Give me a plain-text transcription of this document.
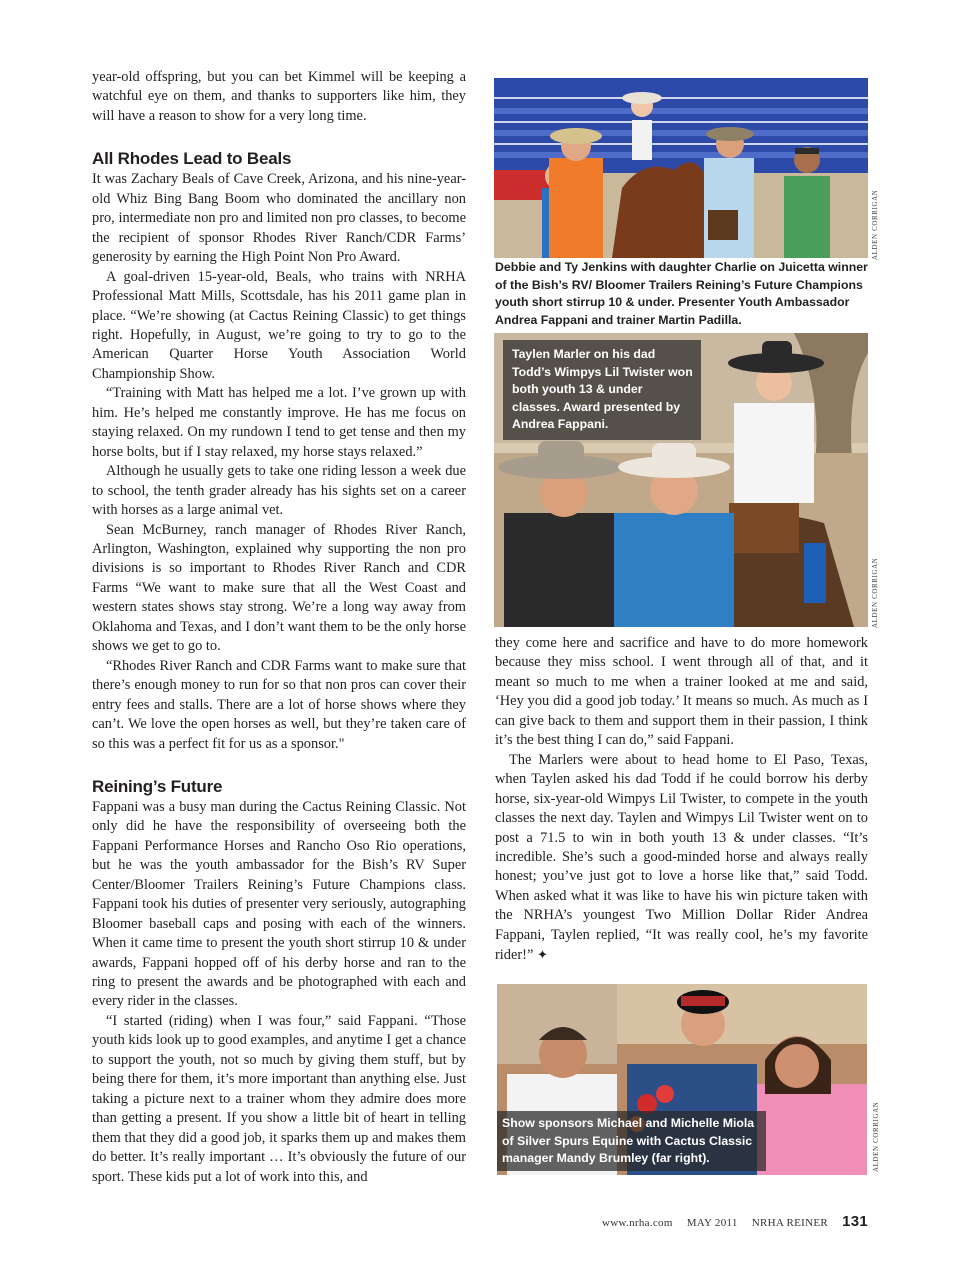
year-old offspring, but you can bet Kimmel will be keeping a watchful eye on them, and thanks to supporters like him, they will have a reason to show for a very long time.

All Rhodes Lead to Beals

It was Zachary Beals of Cave Creek, Arizona, and his nine-year-old Whiz Bing Bang Boom who dominated the ancillary non pro, intermediate non pro and limited non pro classes, to become the recipient of sponsor Rhodes River Ranch/CDR Farms’ generosity by earning the High Point Non Pro Award.

A goal-driven 15-year-old, Beals, who trains with NRHA Professional Matt Mills, Scottsdale, has his 2011 game plan in place. “We’re showing (at Cactus Reining Classic) to get things right. Hopefully, in August, we’re going to try to go to the American Quarter Horse Youth Association World Championship Show.

“Training with Matt has helped me a lot. I’ve grown up with him. He’s helped me constantly improve. He has me focus on staying relaxed. On my rundown I tend to get tense and then my horse bolts, but if I stay relaxed, my horse stays relaxed.”

Although he usually gets to take one riding lesson a week due to school, the tenth grader already has his sights set on a career with horses as a large animal vet.

Sean McBurney, ranch manager of Rhodes River Ranch, Arlington, Washington, explained why supporting the non pro divisions is so important to Rhodes River Ranch and CDR Farms “We want to make sure that all the West Coast and western states shows stay strong. We’re a long way away from Oklahoma and Texas, and I don’t want them to be the only horse shows we get to go to.

“Rhodes River Ranch and CDR Farms want to make sure that there’s enough money to run for so that non pros can cover their entry fees and stalls. There are a lot of horse shows where they can’t. We love the open horses as well, but they’re taken care of so this was a perfect fit for us as a sponsor."

Reining’s Future

Fappani was a busy man during the Cactus Reining Classic. Not only did he have the responsibility of overseeing both the Fappani Performance Horses and Rancho Oso Rio operations, but he was the youth ambassador for the Bish’s RV Super Center/Bloomer Trailers Reining’s Future Champions class. Fappani took his duties of presenter very seriously, autographing Bloomer baseball caps and posing with each of the winners. When it came time to present the youth short stirrup 10 & under awards, Fappani hopped off of his derby horse and ran to the ring to present the awards and be photographed with each and every rider in the classes.

“I started (riding) when I was four,” said Fappani. “Those youth kids look up to good examples, and anytime I get a chance to support the youth, not so much by giving them stuff, but by being there for them, it’s more important than anything else. Just taking a picture next to a trainer whom they admire does more than getting a present. If you show a little bit of heart in telling them that they did a good job, it sparks them up and makes them do better. It’s really important … It’s obviously the future of our sport. These kids put a lot of work into this, and

ALDEN CORRIGAN
Debbie and Ty Jenkins with daughter Charlie on Juicetta winner of the Bish’s RV/ Bloomer Trailers Reining’s Future Champions youth short stirrup 10 & under. Presenter Youth Ambassador Andrea Fappani and trainer Martin Padilla.
Taylen Marler on his dad Todd’s Wimpys Lil Twister won both youth 13 & under classes. Award presented by Andrea Fappani.
ALDEN CORRIGAN

they come here and sacrifice and have to do more homework because they miss school. I went through all of that, and it meant so much to me when a trainer looked at me and said, ‘Hey you did a good job today.’ It means so much. As much as I can give back to them and support them in their passion, I think it’s the best thing I can do,” said Fappani.

The Marlers were about to head home to El Paso, Texas, when Taylen asked his dad Todd if he could borrow his derby horse, six-year-old Wimpys Lil Twister, to compete in the youth classes the next day. Taylen and Wimpys Lil Twister went on to post a 71.5 to win in both youth 13 & under classes. “It’s incredible. She’s such a good-minded horse and always really honest; you’ve just got to love a horse like that,” said Todd. When asked what it was like to have his win picture taken with the NRHA’s youngest Two Million Dollar Rider Andrea Fappani, Taylen replied, “It was really cool, he’s my favorite rider!” ✦

Show sponsors Michael and Michelle Miola of Silver Spurs Equine with Cactus Classic manager Mandy Brumley (far right).	ALDEN CORRIGAN
www.nrha.com MAY 2011 NRHA REINER 131
